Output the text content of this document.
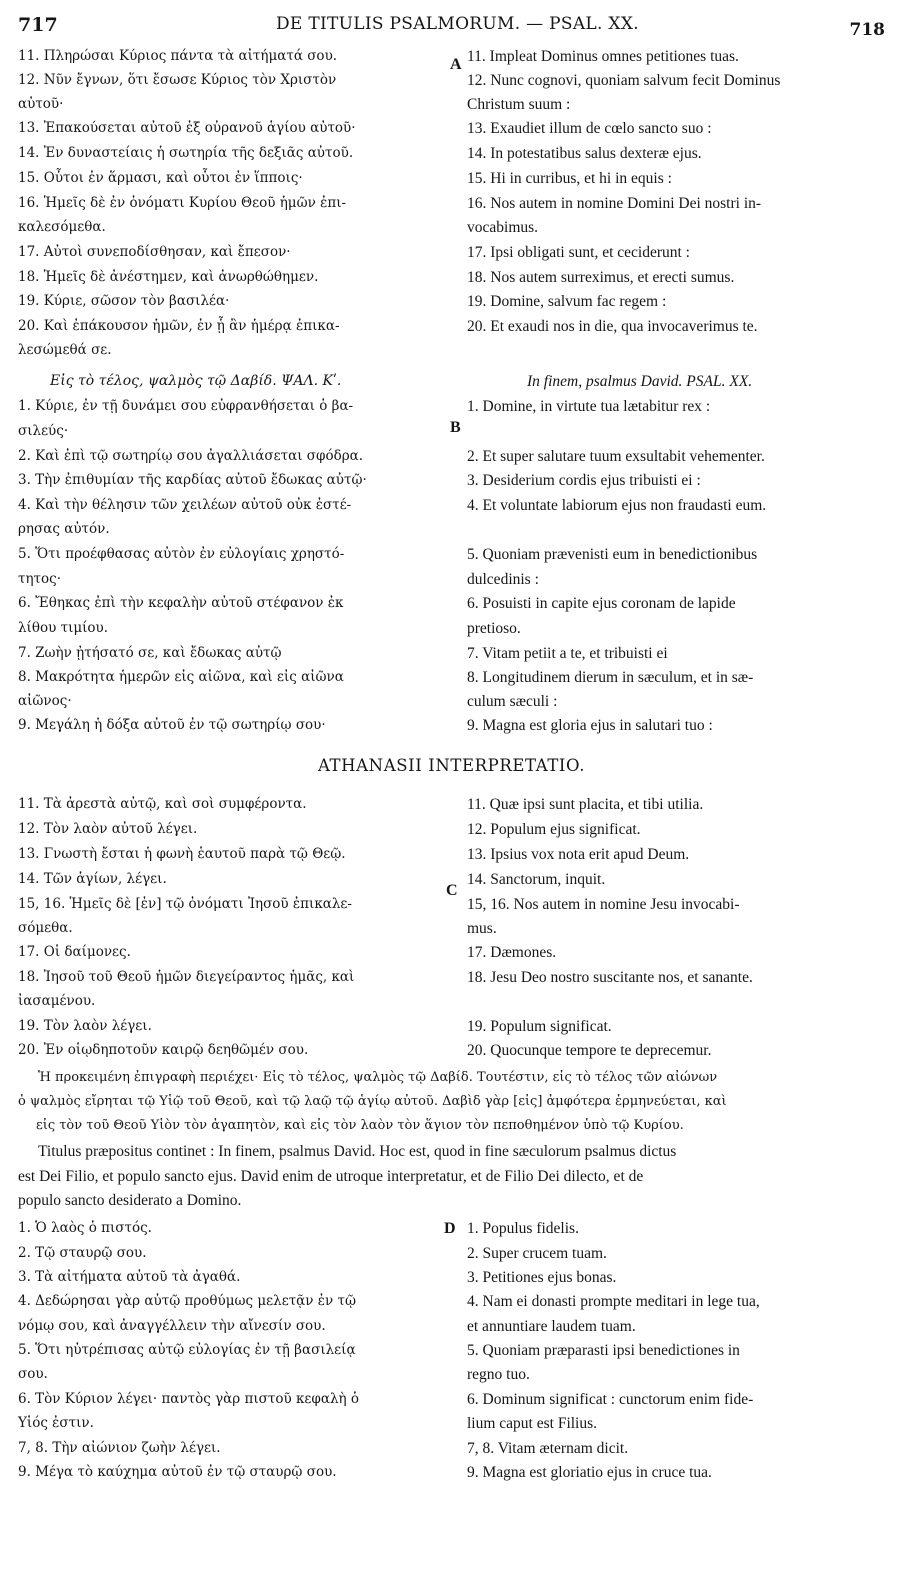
717	DE TITULIS PSALMORUM. — PSAL. XX.	718
11. Πληρώσαι Κύριος πάντα τὰ αἰτήματά σου.
12. Νῦν ἔγνων, ὅτι ἔσωσε Κύριος τὸν Χριστὸν
αὐτοῦ·
13. Ἐπακούσεται αὐτοῦ ἐξ οὐρανοῦ ἁγίου αὐτοῦ·
14. Ἐν δυναστείαις ἡ σωτηρία τῆς δεξιᾶς αὐτοῦ.
15. Οὗτοι ἐν ἅρμασι, καὶ οὗτοι ἐν ἵπποις·
16. Ἡμεῖς δὲ ἐν ὀνόματι Κυρίου Θεοῦ ἡμῶν ἐπι-
καλεσόμεθα.
17. Αὐτοὶ συνεποδίσθησαν, καὶ ἔπεσον·
18. Ἡμεῖς δὲ ἀνέστημεν, καὶ ἀνωρθώθημεν.
19. Κύριε, σῶσον τὸν βασιλέα·
20. Καὶ ἐπάκουσον ἡμῶν, ἐν ᾗ ἂν ἡμέρᾳ ἐπικα-
λεσώμεθά σε.
A 11. Impleat Dominus omnes petitiones tuas.
12. Nunc cognovi, quoniam salvum fecit Dominus
Christum suum :
13. Exaudiet illum de cœlo sancto suo :
14. In potestatibus salus dexteræ ejus.
15. Hi in curribus, et hi in equis :
16. Nos autem in nomine Domini Dei nostri in-
vocabimus.
17. Ipsi obligati sunt, et ceciderunt :
18. Nos autem surreximus, et erecti sumus.
19. Domine, salvum fac regem :
20. Et exaudi nos in die, qua invocaverimus te.
Εἰς τὸ τέλος, ψαλμὸς τῷ Δαβίδ. ΨΑΛ. Κʹ.
1. Κύριε, ἐν τῇ δυνάμει σου εὐφρανθήσεται ὁ βα-
σιλεύς·
2. Καὶ ἐπὶ τῷ σωτηρίῳ σου ἀγαλλιάσεται σφόδρα.
3. Τὴν ἐπιθυμίαν τῆς καρδίας αὐτοῦ ἔδωκας αὐτῷ·
4. Καὶ τὴν θέλησιν τῶν χειλέων αὐτοῦ οὐκ ἐστέ-
ρησας αὐτόν.
5. Ὅτι προέφθασας αὐτὸν ἐν εὐλογίαις χρηστό-
τητος·
6. Ἔθηκας ἐπὶ τὴν κεφαλὴν αὐτοῦ στέφανον ἐκ
λίθου τιμίου.
7. Ζωὴν ᾐτήσατό σε, καὶ ἔδωκας αὐτῷ
8. Μακρότητα ἡμερῶν εἰς αἰῶνα, καὶ εἰς αἰῶνα
αἰῶνος·
9. Μεγάλη ἡ δόξα αὐτοῦ ἐν τῷ σωτηρίῳ σου·
B
In finem, psalmus David. PSAL. XX.
1. Domine, in virtute tua lætabitur rex :
2. Et super salutare tuum exsultabit vehementer.
3. Desiderium cordis ejus tribuisti ei :
4. Et voluntate labiorum ejus non fraudasti eum.
5. Quoniam prævenisti eum in benedictionibus
dulcedinis :
6. Posuisti in capite ejus coronam de lapide
pretioso.
7. Vitam petiit a te, et tribuisti ei
8. Longitudinem dierum in sæculum, et in sæ-
culum sæculi :
9. Magna est gloria ejus in salutari tuo :
ATHANASII INTERPRETATIO.
11. Τὰ ἀρεστὰ αὐτῷ, καὶ σοὶ συμφέροντα.
12. Τὸν λαὸν αὐτοῦ λέγει.
13. Γνωστὴ ἔσται ἡ φωνὴ ἑαυτοῦ παρὰ τῷ Θεῷ.
14. Τῶν ἁγίων, λέγει.
15, 16. Ἡμεῖς δὲ [ἐν] τῷ ὀνόματι Ἰησοῦ ἐπικαλε-
σόμεθα.
17. Οἱ δαίμονες.
18. Ἰησοῦ τοῦ Θεοῦ ἡμῶν διεγείραντος ἡμᾶς, καὶ
ἰασαμένου.
19. Τὸν λαὸν λέγει.
20. Ἐν οἱῳδηποτοῦν καιρῷ δεηθῶμέν σου.
C
11. Quæ ipsi sunt placita, et tibi utilia.
12. Populum ejus significat.
13. Ipsius vox nota erit apud Deum.
14. Sanctorum, inquit.
15, 16. Nos autem in nomine Jesu invocabi-
mus.
17. Dæmones.
18. Jesu Deo nostro suscitante nos, et sanante.
19. Populum significat.
20. Quocunque tempore te deprecemur.
Ἡ προκειμένη ἐπιγραφὴ περιέχει· Εἰς τὸ τέλος, ψαλμὸς τῷ Δαβίδ. Τουτέστιν, εἰς τὸ τέλος τῶν αἰώνων
ὁ ψαλμὸς εἴρηται τῷ Υἱῷ τοῦ Θεοῦ, καὶ τῷ λαῷ τῷ ἁγίῳ αὐτοῦ. Δαβὶδ γὰρ [εἰς] ἀμφότερα ἑρμηνεύεται, καὶ
εἰς τὸν τοῦ Θεοῦ Υἱὸν τὸν ἀγαπητὸν, καὶ εἰς τὸν λαὸν τὸν ἅγιον τὸν πεποθημένον ὑπὸ τῷ Κυρίου.
Titulus præpositus continet : In finem, psalmus David. Hoc est, quod in fine sæculorum psalmus dictus
est Dei Filio, et populo sancto ejus. David enim de utroque interpretatur, et de Filio Dei dilecto, et de
populo sancto desiderato a Domino.
1. Ὁ λαὸς ὁ πιστός.
2. Τῷ σταυρῷ σου.
3. Τὰ αἰτήματα αὐτοῦ τὰ ἀγαθά.
4. Δεδώρησαι γὰρ αὐτῷ προθύμως μελετᾷν ἐν τῷ
νόμῳ σου, καὶ ἀναγγέλλειν τὴν αἴνεσίν σου.
5. Ὅτι ηὐτρέπισας αὐτῷ εὐλογίας ἐν τῇ βασιλείᾳ
σου.
6. Τὸν Κύριον λέγει· παντὸς γὰρ πιστοῦ κεφαλὴ ὁ
Υἱός ἐστιν.
7, 8. Τὴν αἰώνιον ζωὴν λέγει.
9. Μέγα τὸ καύχημα αὐτοῦ ἐν τῷ σταυρῷ σου.
D 1. Populus fidelis.
2. Super crucem tuam.
3. Petitiones ejus bonas.
4. Nam ei donasti prompte meditari in lege tua,
et annuntiare laudem tuam.
5. Quoniam præparasti ipsi benedictiones in
regno tuo.
6. Dominum significat : cunctorum enim fide-
lium caput est Filius.
7, 8. Vitam æternam dicit.
9. Magna est gloriatio ejus in cruce tua.
